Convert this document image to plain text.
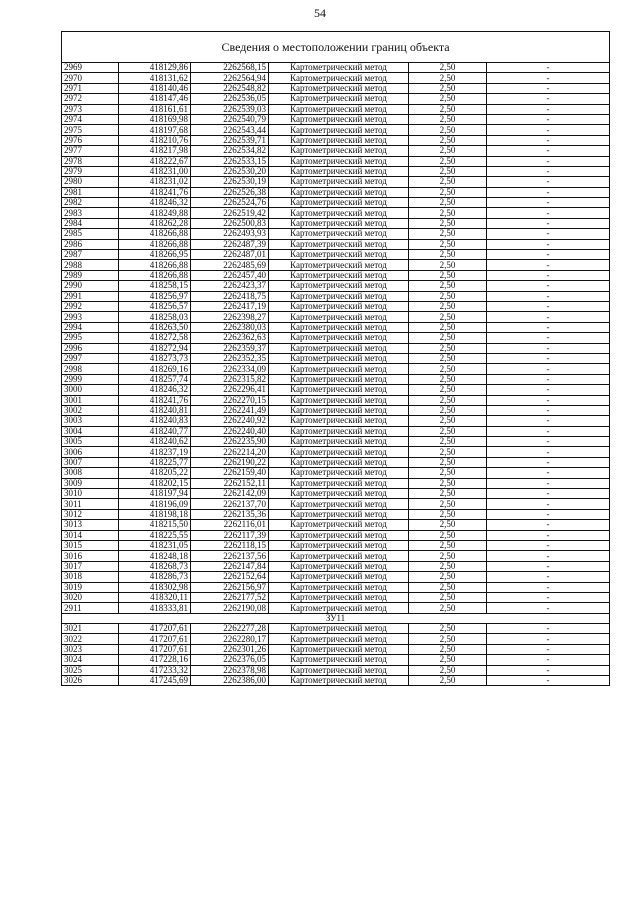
54
Сведения о местоположении границ объекта					
2969	418129,86	2262568,15	Картометрический метод	2,50	-
2970	418131,62	2262564,94	Картометрический метод	2,50	-
2971	418140,46	2262548,82	Картометрический метод	2,50	-
2972	418147,46	2262536,05	Картометрический метод	2,50	-
2973	418161,61	2262539,03	Картометрический метод	2,50	-
2974	418169,98	2262540,79	Картометрический метод	2,50	-
2975	418197,68	2262543,44	Картометрический метод	2,50	-
2976	418210,76	2262539,71	Картометрический метод	2,50	-
2977	418217,98	2262534,82	Картометрический метод	2,50	-
2978	418222,67	2262533,15	Картометрический метод	2,50	-
2979	418231,00	2262530,20	Картометрический метод	2,50	-
2980	418231,02	2262530,19	Картометрический метод	2,50	-
2981	418241,76	2262526,38	Картометрический метод	2,50	-
2982	418246,32	2262524,76	Картометрический метод	2,50	-
2983	418249,88	2262519,42	Картометрический метод	2,50	-
2984	418262,28	2262500,83	Картометрический метод	2,50	-
2985	418266,88	2262493,93	Картометрический метод	2,50	-
2986	418266,88	2262487,39	Картометрический метод	2,50	-
2987	418266,95	2262487,01	Картометрический метод	2,50	-
2988	418266,88	2262485,69	Картометрический метод	2,50	-
2989	418266,88	2262457,40	Картометрический метод	2,50	-
2990	418258,15	2262423,37	Картометрический метод	2,50	-
2991	418256,97	2262418,75	Картометрический метод	2,50	-
2992	418256,57	2262417,19	Картометрический метод	2,50	-
2993	418258,03	2262398,27	Картометрический метод	2,50	-
2994	418263,50	2262380,03	Картометрический метод	2,50	-
2995	418272,58	2262362,63	Картометрический метод	2,50	-
2996	418272,94	2262359,37	Картометрический метод	2,50	-
2997	418273,73	2262352,35	Картометрический метод	2,50	-
2998	418269,16	2262334,09	Картометрический метод	2,50	-
2999	418257,74	2262315,82	Картометрический метод	2,50	-
3000	418246,32	2262296,41	Картометрический метод	2,50	-
3001	418241,76	2262270,15	Картометрический метод	2,50	-
3002	418240,81	2262241,49	Картометрический метод	2,50	-
3003	418240,83	2262240,92	Картометрический метод	2,50	-
3004	418240,77	2262240,40	Картометрический метод	2,50	-
3005	418240,62	2262235,90	Картометрический метод	2,50	-
3006	418237,19	2262214,20	Картометрический метод	2,50	-
3007	418225,77	2262190,22	Картометрический метод	2,50	-
3008	418205,22	2262159,40	Картометрический метод	2,50	-
3009	418202,15	2262152,11	Картометрический метод	2,50	-
3010	418197,94	2262142,09	Картометрический метод	2,50	-
3011	418196,09	2262137,70	Картометрический метод	2,50	-
3012	418198,18	2262135,36	Картометрический метод	2,50	-
3013	418215,50	2262116,01	Картометрический метод	2,50	-
3014	418225,55	2262117,39	Картометрический метод	2,50	-
3015	418231,05	2262118,15	Картометрический метод	2,50	-
3016	418248,18	2262137,56	Картометрический метод	2,50	-
3017	418268,73	2262147,84	Картометрический метод	2,50	-
3018	418286,73	2262152,64	Картометрический метод	2,50	-
3019	418302,98	2262156,97	Картометрический метод	2,50	-
3020	418320,11	2262177,52	Картометрический метод	2,50	-
2911	418333,81	2262190,08	Картометрический метод	2,50	-
ЗУ11					
3021	417207,61	2262277,28	Картометрический метод	2,50	-
3022	417207,61	2262280,17	Картометрический метод	2,50	-
3023	417207,61	2262301,26	Картометрический метод	2,50	-
3024	417228,16	2262376,05	Картометрический метод	2,50	-
3025	417233,32	2262378,98	Картометрический метод	2,50	-
3026	417245,69	2262386,00	Картометрический метод	2,50	-
